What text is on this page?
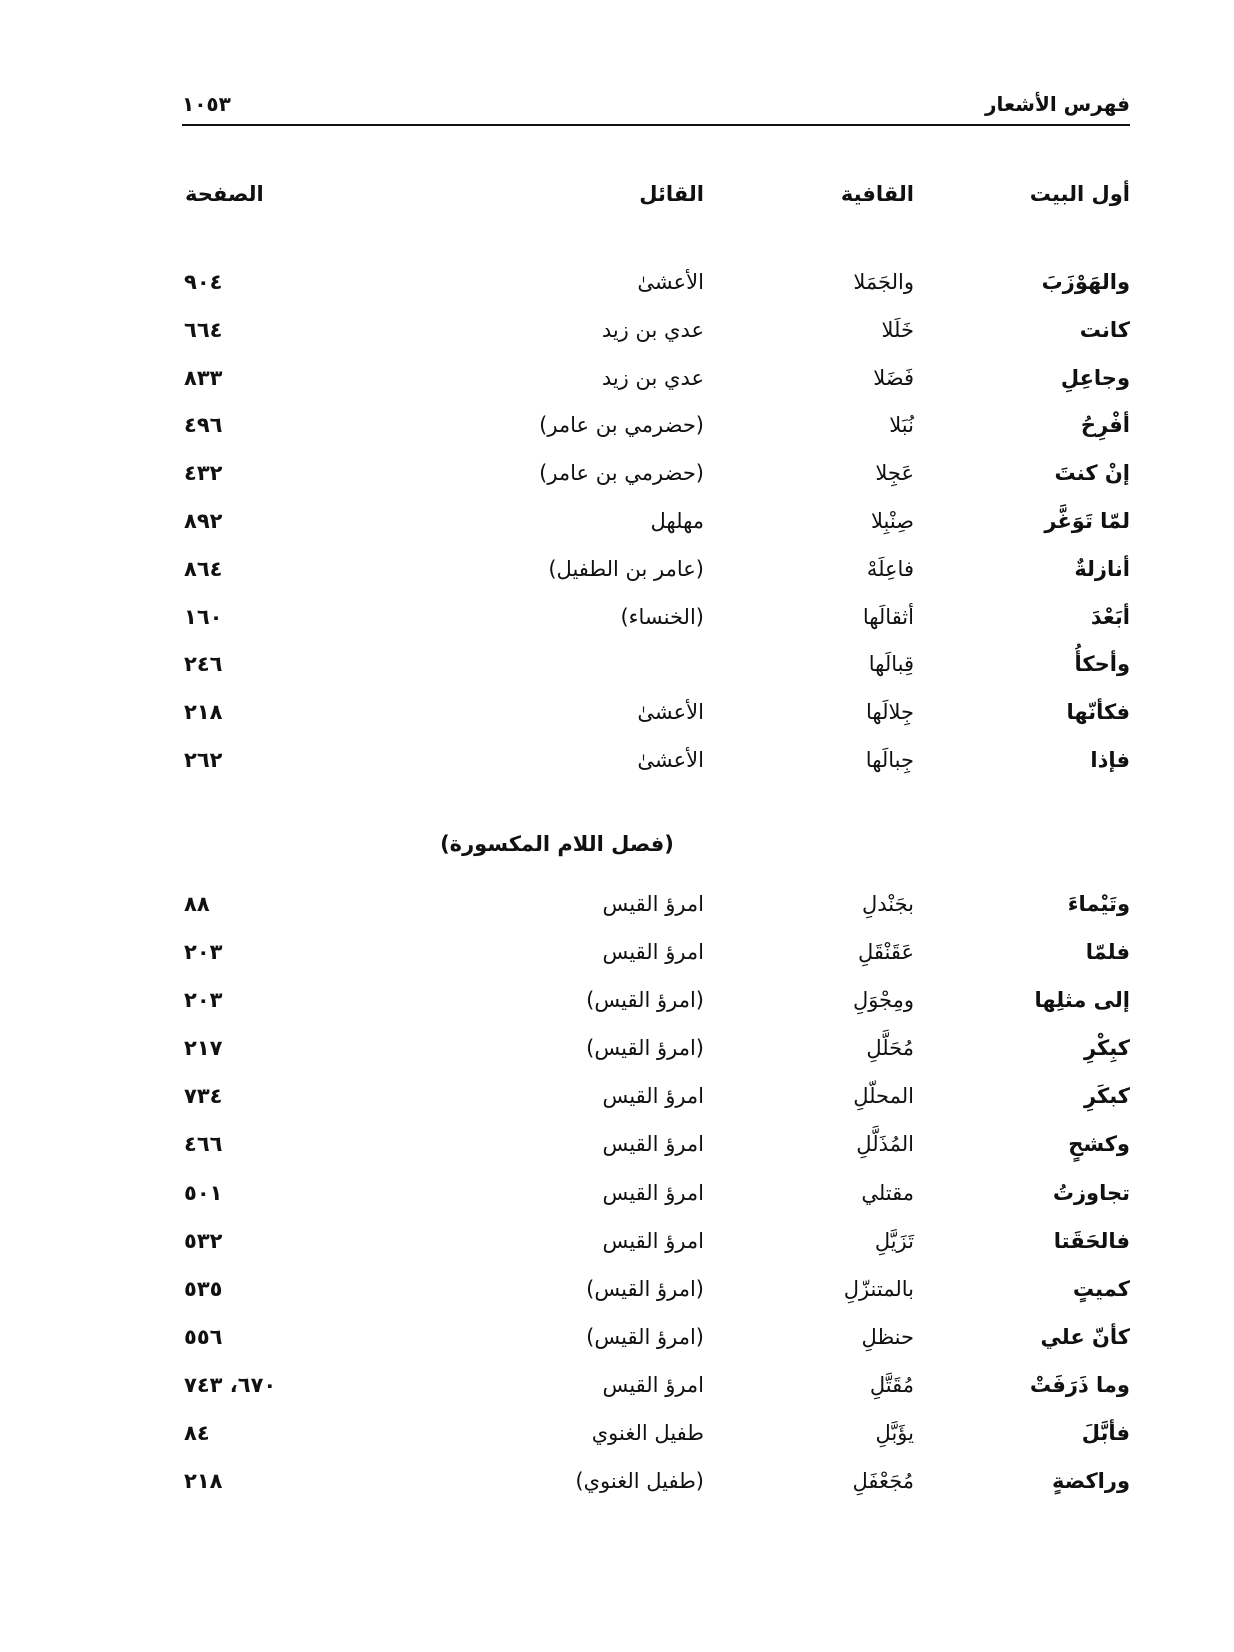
فهرس الأشعار
١٠٥٣
أول البيت
القافية
القائل
الصفحة
والهَوْزَبَ
والجَمَلا
الأعشىٰ
٩٠٤
كانت
خَلَلا
عدي بن زيد
٦٦٤
وجاعِلِ
فَضَلا
عدي بن زيد
٨٣٣
أفْرِحُ
نُبَلا
(حضرمي بن عامر)
٤٩٦
إنْ كنتَ
عَجِلا
(حضرمي بن عامر)
٤٣٢
لمّا تَوَغَّر
صِنْبِلا
مهلهل
٨٩٢
أنازلةٌ
فاعِلَهْ
(عامر بن الطفيل)
٨٦٤
أبَعْدَ
أثقالَها
(الخنساء)
١٦٠
وأحكأُ
قِبالَها
٢٤٦
فكأنّها
جِلالَها
الأعشىٰ
٢١٨
فإذا
جِبالَها
الأعشىٰ
٢٦٢
(فصل اللام المكسورة)
وتَيْماءَ
بجَنْدلِ
امرؤ القيس
٨٨
فلمّا
عَقَنْقَلِ
امرؤ القيس
٢٠٣
إلى مثلِها
ومِجْوَلِ
(امرؤ القيس)
٢٠٣
كبِكْرِ
مُحَلَّلِ
(امرؤ القيس)
٢١٧
كبكَرِ
المحلّلِ
امرؤ القيس
٧٣٤
وكشحٍ
المُذَلَّلِ
امرؤ القيس
٤٦٦
تجاوزتُ
مقتلي
امرؤ القيس
٥٠١
فالحَقَتا
تَزَيَّلِ
امرؤ القيس
٥٣٢
كميتٍ
بالمتنزّلِ
(امرؤ القيس)
٥٣٥
كأنّ علي
حنظلِ
(امرؤ القيس)
٥٥٦
وما ذَرَفَتْ
مُقَتَّلِ
امرؤ القيس
٦٧٠، ٧٤٣
فأبَّلَ
يؤَبَّلِ
طفيل الغنوي
٨٤
وراكضةٍ
مُجَعْفَلِ
(طفيل الغنوي)
٢١٨
